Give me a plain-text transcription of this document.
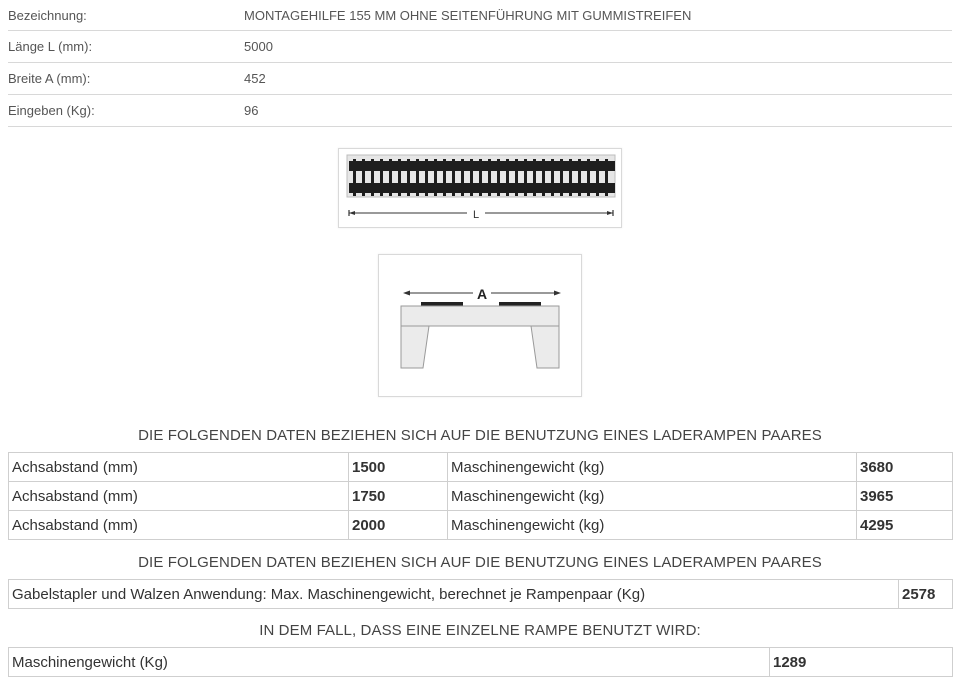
Bezeichnung:	MONTAGEHILFE 155 MM OHNE SEITENFÜHRUNG MIT GUMMISTREIFEN
Länge L (mm):	5000
Breite A (mm):	452
Eingeben (Kg):	96
L
A
DIE FOLGENDEN DATEN BEZIEHEN SICH AUF DIE BENUTZUNG EINES LADERAMPEN PAARES
Achsabstand (mm)	1500	Maschinengewicht (kg)	3680
Achsabstand (mm)	1750	Maschinengewicht (kg)	3965
Achsabstand (mm)	2000	Maschinengewicht (kg)	4295
DIE FOLGENDEN DATEN BEZIEHEN SICH AUF DIE BENUTZUNG EINES LADERAMPEN PAARES
Gabelstapler und Walzen Anwendung: Max. Maschinengewicht, berechnet je Rampenpaar (Kg)	2578
IN DEM FALL, DASS EINE EINZELNE RAMPE BENUTZT WIRD:
Maschinengewicht (Kg)	1289
